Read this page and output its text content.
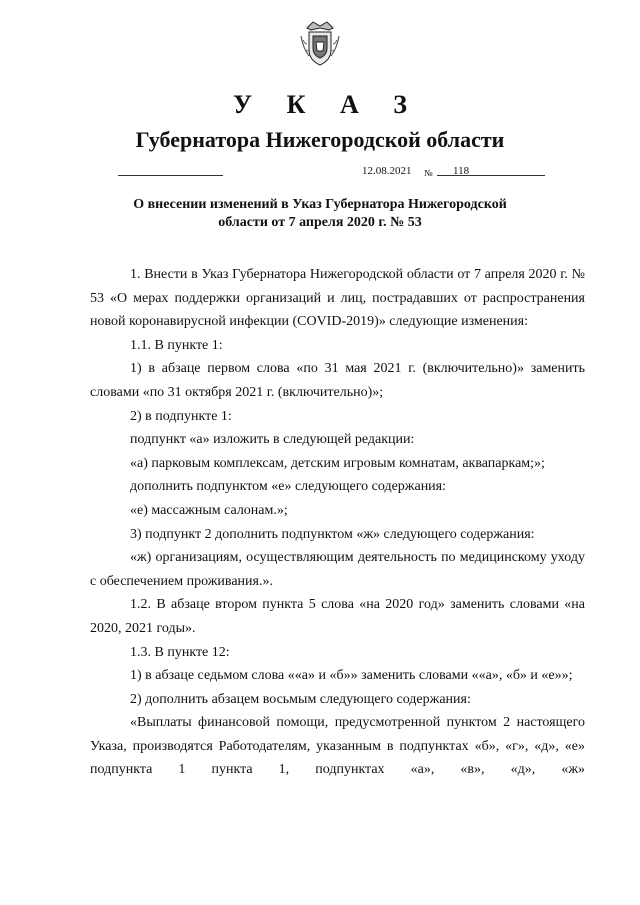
У К А З
Губернатора Нижегородской области
12.08.2021 № 118
О внесении изменений в Указ Губернатора Нижегородской
области от 7 апреля 2020 г. № 53

1. Внести в Указ Губернатора Нижегородской области от 7 апреля 2020 г. № 53 «О мерах поддержки организаций и лиц, пострадавших от распространения новой коронавирусной инфекции (COVID-2019)» следующие изменения:

1.1. В пункте 1:

1) в абзаце первом слова «по 31 мая 2021 г. (включительно)» заменить словами «по 31 октября 2021 г. (включительно)»;

2) в подпункте 1:

подпункт «а» изложить в следующей редакции:

«а) парковым комплексам, детским игровым комнатам, аквапаркам;»;

дополнить подпунктом «е» следующего содержания:

«е) массажным салонам.»;

3) подпункт 2 дополнить подпунктом «ж» следующего содержания:

«ж) организациям, осуществляющим деятельность по медицинскому уходу с обеспечением проживания.».

1.2. В абзаце втором пункта 5 слова «на 2020 год» заменить словами «на 2020, 2021 годы».

1.3. В пункте 12:

1) в абзаце седьмом слова ««а» и «б»» заменить словами ««а», «б» и «е»»;

2) дополнить абзацем восьмым следующего содержания:

«Выплаты финансовой помощи, предусмотренной пунктом 2 настоящего Указа, производятся Работодателям, указанным в подпунктах «б», «г», «д», «е» подпункта 1 пункта 1, подпунктах «а», «в», «д», «ж»
